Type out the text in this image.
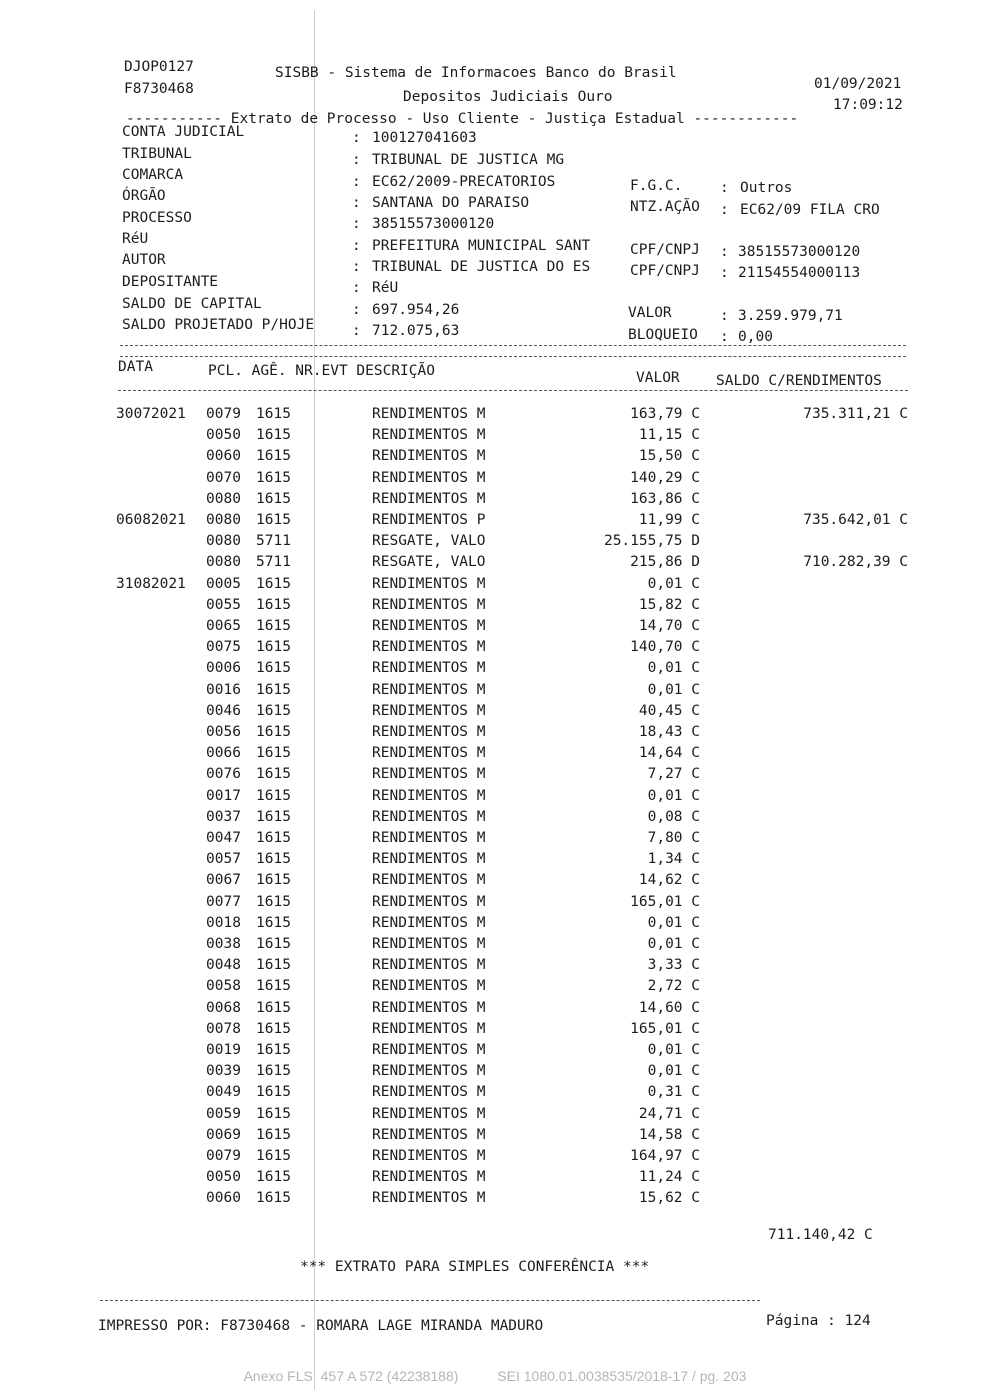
DJOP0127
F8730468
SISBB - Sistema de Informacoes Banco do Brasil
Depositos Judiciais Ouro
01/09/2021
17:09:12
----------- Extrato de Processo - Uso Cliente - Justiça Estadual ------------
CONTA JUDICIAL	: 100127041603
TRIBUNAL	: TRIBUNAL DE JUSTICA MG
COMARCA	: EC62/2009-PRECATORIOS
ÓRGÃO	: SANTANA DO PARAISO
PROCESSO	: 38515573000120
RéU	: PREFEITURA MUNICIPAL SANT
AUTOR	: TRIBUNAL DE JUSTICA DO ES
DEPOSITANTE	: RéU
SALDO DE CAPITAL	: 697.954,26
SALDO PROJETADO P/HOJE	: 712.075,63
F.G.C.	: Outros
NTZ.AÇÃO : EC62/09 FILA CRO
CPF/CNPJ : 38515573000120
CPF/CNPJ : 21154554000113
VALOR	: 3.259.979,71
BLOQUEIO : 0,00
DATA	PCL. AGÊ. NR.EVT DESCRIÇÃO	VALOR	SALDO C/RENDIMENTOS
30072021 0079 1615	RENDIMENTOS M	163,79 C	735.311,21 C
0050 1615	RENDIMENTOS M	11,15 C
0060 1615	RENDIMENTOS M	15,50 C
0070 1615	RENDIMENTOS M	140,29 C
0080 1615	RENDIMENTOS M	163,86 C
06082021 0080 1615	RENDIMENTOS P	11,99 C	735.642,01 C
0080 5711	RESGATE, VALO	25.155,75 D
0080 5711	RESGATE, VALO	215,86 D	710.282,39 C
31082021 0005 1615	RENDIMENTOS M	0,01 C
0055 1615	RENDIMENTOS M	15,82 C
0065 1615	RENDIMENTOS M	14,70 C
0075 1615	RENDIMENTOS M	140,70 C
0006 1615	RENDIMENTOS M	0,01 C
0016 1615	RENDIMENTOS M	0,01 C
0046 1615	RENDIMENTOS M	40,45 C
0056 1615	RENDIMENTOS M	18,43 C
0066 1615	RENDIMENTOS M	14,64 C
0076 1615	RENDIMENTOS M	7,27 C
0017 1615	RENDIMENTOS M	0,01 C
0037 1615	RENDIMENTOS M	0,08 C
0047 1615	RENDIMENTOS M	7,80 C
0057 1615	RENDIMENTOS M	1,34 C
0067 1615	RENDIMENTOS M	14,62 C
0077 1615	RENDIMENTOS M	165,01 C
0018 1615	RENDIMENTOS M	0,01 C
0038 1615	RENDIMENTOS M	0,01 C
0048 1615	RENDIMENTOS M	3,33 C
0058 1615	RENDIMENTOS M	2,72 C
0068 1615	RENDIMENTOS M	14,60 C
0078 1615	RENDIMENTOS M	165,01 C
0019 1615	RENDIMENTOS M	0,01 C
0039 1615	RENDIMENTOS M	0,01 C
0049 1615	RENDIMENTOS M	0,31 C
0059 1615	RENDIMENTOS M	24,71 C
0069 1615	RENDIMENTOS M	14,58 C
0079 1615	RENDIMENTOS M	164,97 C
0050 1615	RENDIMENTOS M	11,24 C
0060 1615	RENDIMENTOS M	15,62 C
711.140,42 C
*** EXTRATO PARA SIMPLES CONFERÊNCIA ***
Página : 124
IMPRESSO POR: F8730468 - ROMARA LAGE MIRANDA MADURO
Anexo FLS  457 A 572 (42238188)          SEI 1080.01.0038535/2018-17 / pg. 203
